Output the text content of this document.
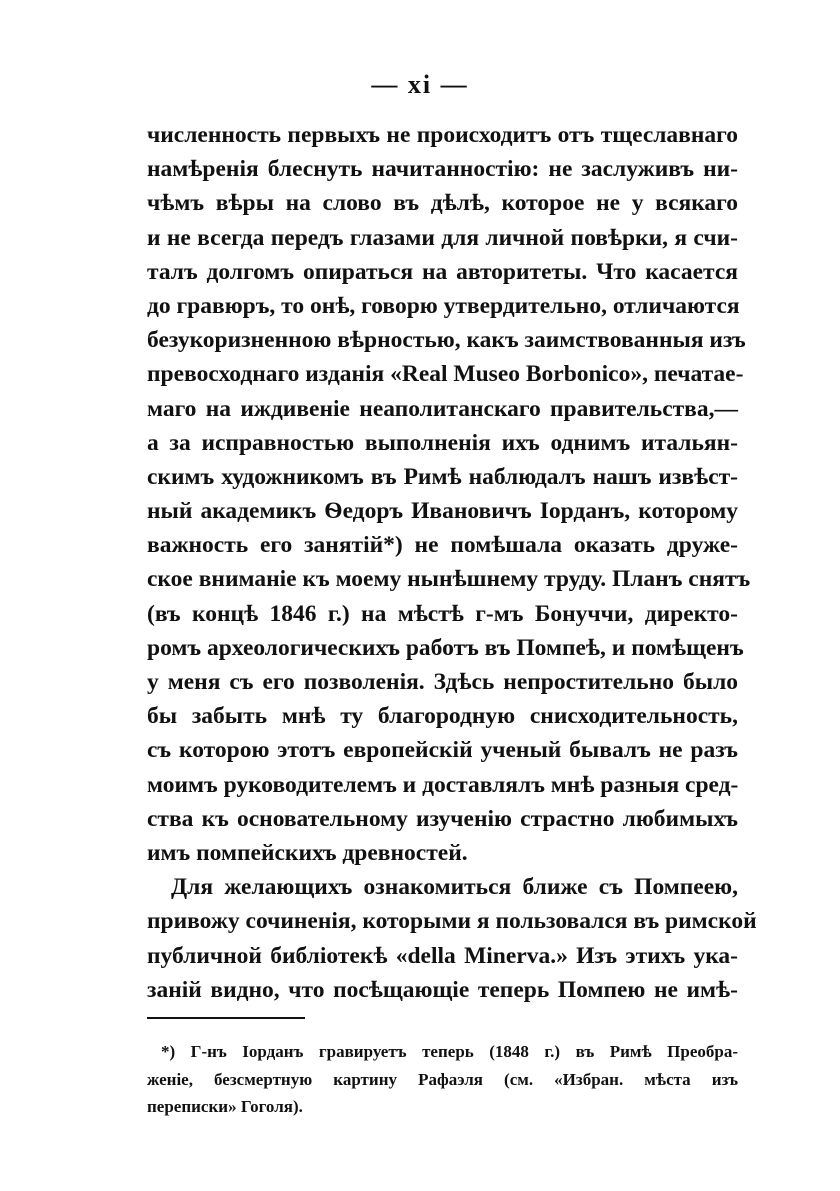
— xi —
численность первыхъ не происходитъ отъ тщеславнаго
намѣренія блеснуть начитанностію: не заслуживъ ни-
чѣмъ вѣры на слово въ дѣлѣ, которое не у всякаго
и не всегда передъ глазами для личной повѣрки, я счи-
талъ долгомъ опираться на авторитеты. Что касается
до гравюръ, то онѣ, говорю утвердительно, отличаются
безукоризненною вѣрностью, какъ заимствованныя изъ
превосходнаго изданія «Real Museo Borbonico», печатае-
маго на иждивеніе неаполитанскаго правительства,—
а за исправностью выполненія ихъ однимъ итальян-
скимъ художникомъ въ Римѣ наблюдалъ нашъ извѣст-
ный академикъ Ѳедоръ Ивановичъ Іорданъ, которому
важность его занятій*) не помѣшала оказать друже-
ское вниманіе къ моему нынѣшнему труду. Планъ снятъ
(въ концѣ 1846 г.) на мѣстѣ г-мъ Бонуччи, директо-
ромъ археологическихъ работъ въ Помпеѣ, и помѣщенъ
у меня съ его позволенія. Здѣсь непростительно было
бы забыть мнѣ ту благородную снисходительность,
съ которою этотъ европейскій ученый бывалъ не разъ
моимъ руководителемъ и доставлялъ мнѣ разныя сред-
ства къ основательному изученію страстно любимыхъ
имъ помпейскихъ древностей.
Для желающихъ ознакомиться ближе съ Помпеею,
привожу сочиненія, которыми я пользовался въ римской
публичной библіотекѣ «della Minerva.» Изъ этихъ ука-
заній видно, что посѣщающіе теперь Помпею не имѣ-
*) Г-нъ Іорданъ гравируетъ теперь (1848 г.) въ Римѣ Преобра-
женіе, безсмертную картину Рафаэля (см. «Избран. мѣста изъ
переписки» Гоголя).
